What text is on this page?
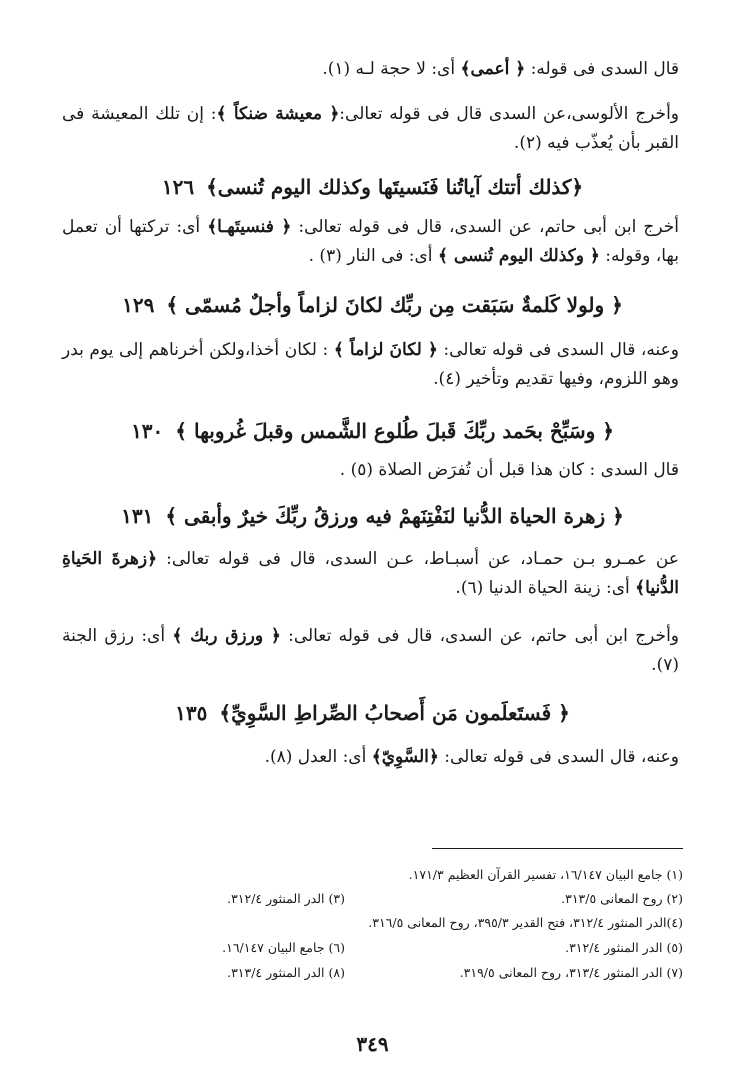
قال السدى فى قوله: ﴿ أعمى﴾ أى: لا حجة لـه (١).

وأخرج الألوسى،عن السدى قال فى قوله تعالى:﴿ معيشة ضنكاً ﴾: إن تلك المعيشة فى القبر بأن يُعذّب فيه (٢).

﴿كذلك أتتك آياتُنا فَنَسيتَها وكذلك اليوم تُنسى﴾١٢٦

أخرج ابن أبى حاتم، عن السدى، قال فى قوله تعالى: ﴿ فنسيتَهـا﴾ أى: تركتها أن تعمل بها، وقوله: ﴿ وكذلك اليوم تُنسى ﴾ أى: فى النار (٣) .

﴿ ولولا كَلمةٌ سَبَقت مِن ربِّك لكانَ لزاماً وأجلٌ مُسمّى ﴾١٢٩

وعنه، قال السدى فى قوله تعالى: ﴿ لكانَ لزاماً ﴾ : لكان أخذا،ولكن أخرناهم إلى يوم بدر وهو اللزوم، وفيها تقديم وتأخير (٤).

﴿ وسَبِّحْ بحَمد ربِّكَ قَبلَ طُلوع الشَّمس وقبلَ غُروبها ﴾١٣٠

قال السدى : كان هذا قبل أن تُفرَض الصلاة (٥) .

﴿ زهرة الحياة الدُّنيا لنَفْتِنَهمْ فيه ورزقُ ربِّكَ خيرٌ وأبقى ﴾١٣١

عن عمـرو بـن حمـاد، عن أسبـاط، عـن السدى، قال فى قوله تعالى: ﴿زهرةَ الحَياةِ الدُّنيا﴾ أى: زينة الحياة الدنيا (٦).

وأخرج ابن أبى حاتم، عن السدى، قال فى قوله تعالى: ﴿ ورزق ربك ﴾ أى: رزق الجنة (٧).

﴿ فَستَعلَمون مَن أَصحابُ الصِّراطِ السَّوِيِّ﴾١٣٥

وعنه، قال السدى فى قوله تعالى: ﴿السَّوِيّ﴾ أى: العدل (٨).

(١) جامع البيان ١٦/١٤٧، تفسير القرآن العظيم ١٧١/٣.
(٢) روح المعانى ٣١٣/٥.
(٣) الدر المنثور ٣١٢/٤.
(٤)الدر المنثور ٣١٢/٤، فتح القدير ٣٩٥/٣، روح المعانى ٣١٦/٥.
(٥) الدر المنثور ٣١٢/٤.
(٦) جامع البيان ١٦/١٤٧.
(٧) الدر المنثور ٣١٣/٤، روح المعانى ٣١٩/٥.
(٨) الدر المنثور ٣١٣/٤.
٣٤٩
